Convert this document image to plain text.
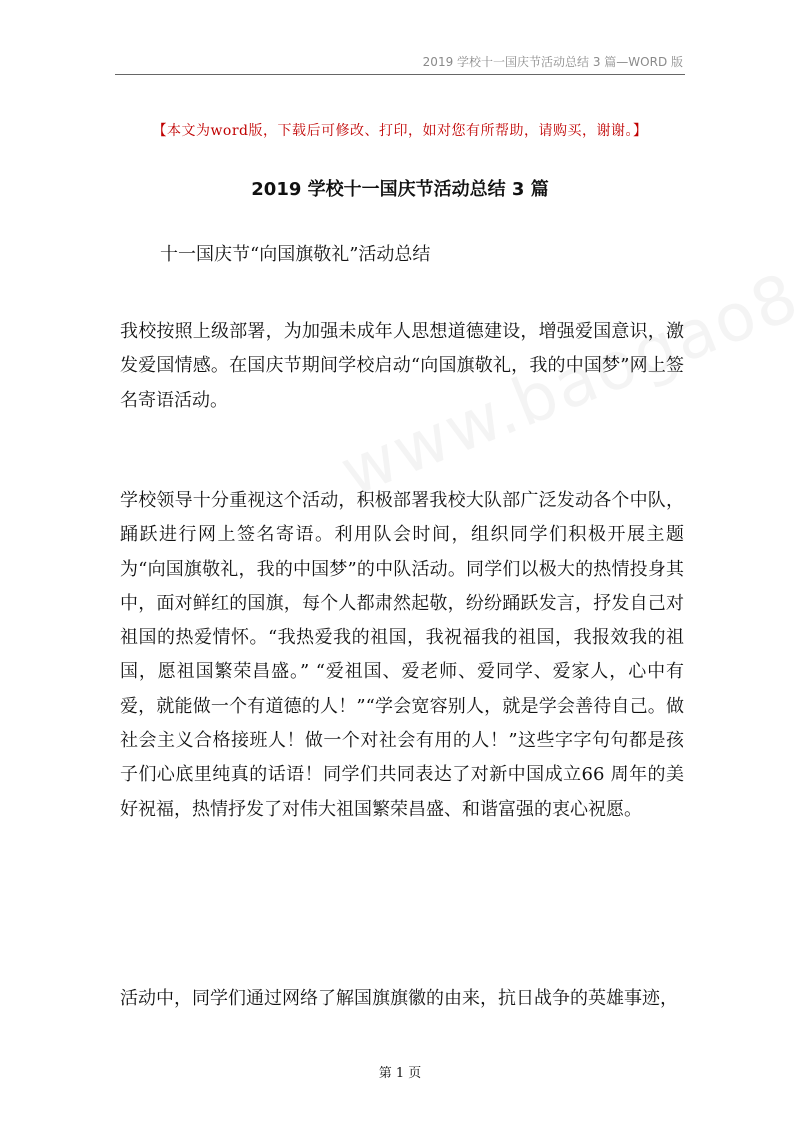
2019 学校十一国庆节活动总结 3 篇—WORD 版
【本文为word版，下载后可修改、打印，如对您有所帮助，请购买，谢谢。】
2019 学校十一国庆节活动总结 3 篇
十一国庆节“向国旗敬礼”活动总结

我校按照上级部署，为加强未成年人思想道德建设，增强爱国意识，激发爱国情感。在国庆节期间学校启动“向国旗敬礼，我的中国梦”网上签名寄语活动。

学校领导十分重视这个活动，积极部署我校大队部广泛发动各个中队，踊跃进行网上签名寄语。利用队会时间，组织同学们积极开展主题为“向国旗敬礼，我的中国梦”的中队活动。同学们以极大的热情投身其中，面对鲜红的国旗，每个人都肃然起敬，纷纷踊跃发言，抒发自己对祖国的热爱情怀。“我热爱我的祖国，我祝福我的祖国，我报效我的祖国，愿祖国繁荣昌盛。” “爱祖国、爱老师、爱同学、爱家人，心中有爱，就能做一个有道德的人！”“学会宽容别人，就是学会善待自己。做社会主义合格接班人！做一个对社会有用的人！”这些字字句句都是孩子们心底里纯真的话语！同学们共同表达了对新中国成立66 周年的美好祝福，热情抒发了对伟大祖国繁荣昌盛、和谐富强的衷心祝愿。

活动中，同学们通过网络了解国旗旗徽的由来，抗日战争的英雄事迹，

第 1 页
